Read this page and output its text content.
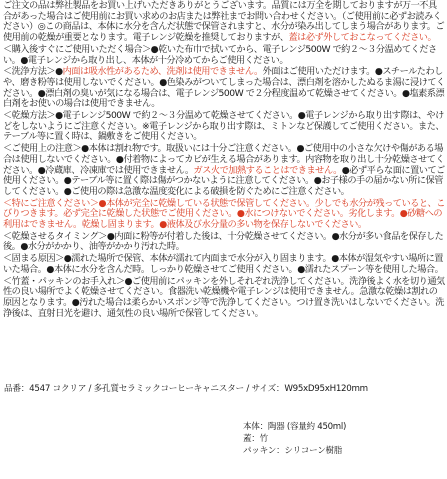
ご注文の品は弊社製品をお買い上げいただきありがとうございます。品質には万全を期しておりますが万一不具合があった場合はご使用前にお買い求めのお店または弊社までお問い合わせください。（ご使用前に必ずお読みください）◎この商品は、本体に水分を含んだ状態で保管されますと、水分が染み出してしまう場合があります。ご使用前の乾燥が重要となります。電子レンジ乾燥を推奨しておりますが、蓋は必ず外しておこなってください。

＜購入後すぐにご使用いただく場合＞●乾いた布巾で拭いてから、電子レンジ500W で約２〜３分温めてください。●電子レンジから取り出し、本体が十分冷めてからご使用ください。

＜洗浄方法＞●内面は吸水性があるため、洗剤は使用できません。外面はご使用いただけます。●スチールたわしや、磨き粉等は使用しないでください。●色染みがついてしまった場合は、漂白剤を溶かしたぬるま湯に浸けてください。●漂白剤の臭いが気になる場合は、電子レンジ500W で２分程度温めて乾燥させてください。●塩素系漂白剤をお使いの場合は使用できません。

＜乾燥方法＞●電子レンジ500W で約２〜３分温めて乾燥させてください。●電子レンジから取り出す際は、やけどをしないようにご注意ください。※電子レンジから取り出す際は、ミトンなど保護してご使用ください。また、テーブル等に置く時は、鍋敷きをご使用ください。

＜ご使用上の注意＞●本体は割れ物です。取扱いには十分ご注意ください。●ご使用中の小さな欠けや傷がある場合は使用しないでください。●付着物によってカビが生える場合があります。内容物を取り出し十分乾燥させてください。●冷蔵庫、冷凍庫では使用できません。ガス火で加熱することはできません。●必ず平らな面に置いてご使用ください。●テーブル等に置く際は傷がつかないように注意してください。●お子様の手の届かない所に保管してください。●ご使用の際は急激な温度変化による破損を防ぐためにご注意ください。

＜特にご注意ください＞●本体が完全に乾燥している状態で保管してください。少しでも水分が残っていると、こびりつきます。必ず完全に乾燥した状態でご使用ください。●水につけないでください。劣化します。●砂糖への利用はできません。乾燥し固まります。●液体及び水分量の多い物を保存しないでください。

＜乾燥させるタイミング＞●内面に粉等が付着した後は、十分乾燥させてください。●水分が多い食品を保存した後。●水分がかかり、油等がかかり汚れた時。

＜固まる原因＞●濡れた場所で保管、本体が濡れて内面まで水分が入り固まります。●本体が湿気やすい場所に置いた場合。●本体に水分を含んだ時。しっかり乾燥させてご使用ください。●濡れたスプーン等を使用した場合。

＜竹蓋・パッキンのお手入れ＞●ご使用前にパッキンを外しそれぞれ洗浄してください。洗浄後よく水を切り通気性の良い場所でよく乾燥させてください。食器洗い乾燥機や電子レンジは使用できません。急激な乾燥は割れの原因となります。●汚れた場合は柔らかいスポンジ等で洗浄してください。つけ置き洗いはしないでください。洗浄後は、直射日光を避け、通気性の良い場所で保管してください。

品番：4547 コクリア / 多孔質セラミックコーヒーキャニスター / サイズ：W95xD95xH120mm
本体：陶器 (容量約 450ml)
蓋：竹
パッキン：シリコーン樹脂
